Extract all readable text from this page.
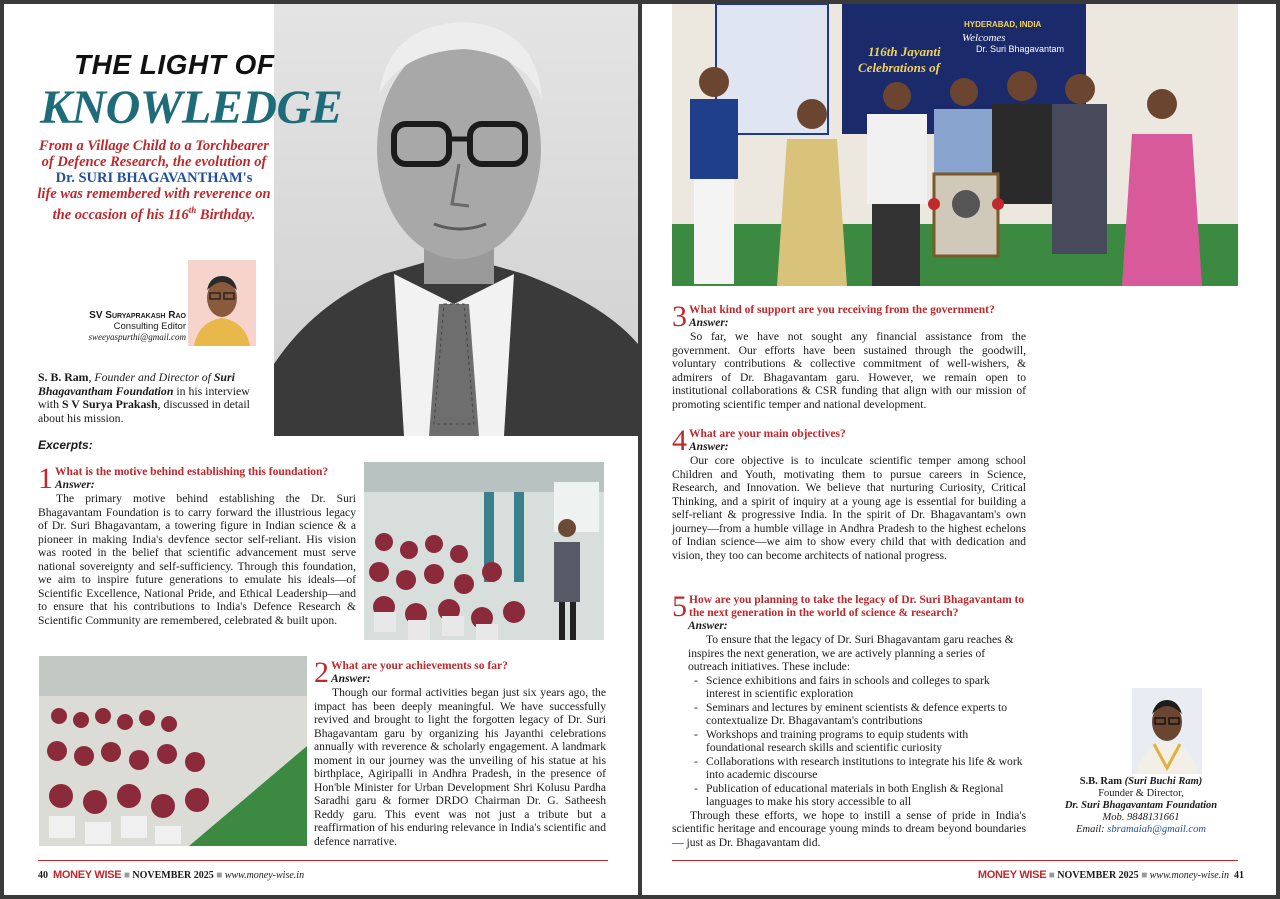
THE LIGHT OF
KNOWLEDGE
From a Village Child to a Torchbearer of Defence Research, the evolution of
Dr. SURI BHAGAVANTHAM's
life was remembered with reverence on the occasion of his 116th Birthday.
SV Suryaprakash Rao
Consulting Editor
sweeyaspurthi@gmail.com
S. B. Ram, Founder and Director of Suri Bhagavantham Foundation in his interview with S V Surya Prakash, discussed in detail about his mission.
Excerpts:
1 What is the motive behind establishing this foundation?
Answer:

The primary motive behind establishing the Dr. Suri Bhagavantam Foundation is to carry forward the illustrious legacy of Dr. Suri Bhagavantam, a towering figure in Indian science & a pioneer in making India's devfence sector self-reliant. His vision was rooted in the belief that scientific advancement must serve national sovereignty and self-sufficiency. Through this foundation, we aim to inspire future generations to emulate his ideals—of Scientific Excellence, National Pride, and Ethical Leadership—and to ensure that his contributions to India's Defence Research & Scientific Community are remembered, celebrated & built upon.

2 What are your achievements so far?
Answer:

Though our formal activities began just six years ago, the impact has been deeply meaningful. We have successfully revived and brought to light the forgotten legacy of Dr. Suri Bhagavantam garu by organizing his Jayanthi celebrations annually with reverence & scholarly engagement. A landmark moment in our journey was the unveiling of his statue at his birthplace, Agiripalli in Andhra Pradesh, in the presence of Hon'ble Minister for Urban Development Shri Kolusu Pardha Saradhi garu & former DRDO Chairman Dr. G. Satheesh Reddy garu. This event was not just a tribute but a reaffirmation of his enduring relevance in India's scientific and defence narrative.

40 MONEY WISE ■ NOVEMBER 2025 ■ www.money-wise.in
HYDERABAD, INDIA
Welcomes
116th Jayanti
Celebrations of
Dr. Suri Bhagavantam
3 What kind of support are you receiving from the government?
Answer:

So far, we have not sought any financial assistance from the government. Our efforts have been sustained through the goodwill, voluntary contributions & collective commitment of well-wishers, & admirers of Dr. Bhagavantam garu. However, we remain open to institutional collaborations & CSR funding that align with our mission of promoting scientific temper and national development.

4 What are your main objectives?
Answer:

Our core objective is to inculcate scientific temper among school Children and Youth, motivating them to pursue careers in Science, Research, and Innovation. We believe that nurturing Curiosity, Critical Thinking, and a spirit of inquiry at a young age is essential for building a self-reliant & progressive India. In the spirit of Dr. Bhagavantam's own journey—from a humble village in Andhra Pradesh to the highest echelons of Indian science—we aim to show every child that with dedication and vision, they too can become architects of national progress.

5 How are you planning to take the legacy of Dr. Suri Bhagavantam to the next generation in the world of science & research?
Answer:

To ensure that the legacy of Dr. Suri Bhagavantam garu reaches & inspires the next generation, we are actively planning a series of outreach initiatives. These include:

- Science exhibitions and fairs in schools and colleges to spark interest in scientific exploration
- Seminars and lectures by eminent scientists & defence experts to contextualize Dr. Bhagavantam's contributions
- Workshops and training programs to equip students with foundational research skills and scientific curiosity
- Collaborations with research institutions to integrate his life & work into academic discourse
- Publication of educational materials in both English & Regional languages to make his story accessible to all

Through these efforts, we hope to instill a sense of pride in India's scientific heritage and encourage young minds to dream beyond boundaries— just as Dr. Bhagavantam did.

S.B. Ram (Suri Buchi Ram)
Founder & Director,
Dr. Suri Bhagavantam Foundation
Mob. 9848131661
Email: sbramaiah@gmail.com
MONEY WISE ■ NOVEMBER 2025 ■ www.money-wise.in 41
